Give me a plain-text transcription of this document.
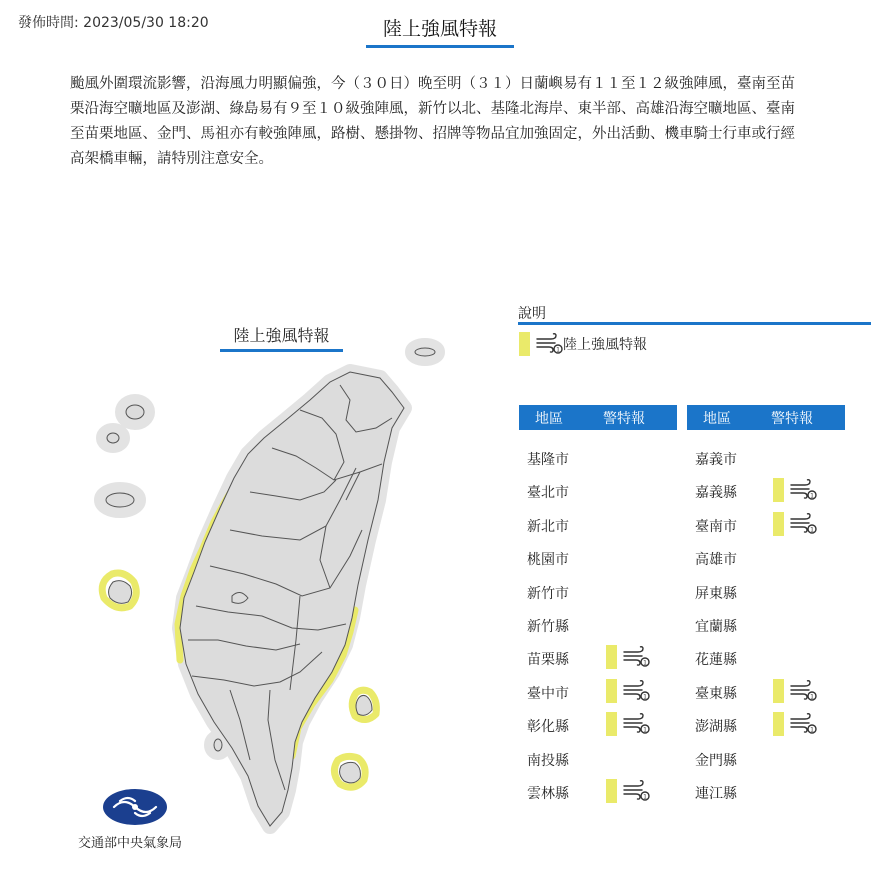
發佈時間: 2023/05/30 18:20	陸上強風特報
颱風外圍環流影響，沿海風力明顯偏強，今（３０日）晚至明（３１）日蘭嶼易有１１至１２級強陣風，臺南至苗栗沿海空曠地區及澎湖、綠島易有９至１０級強陣風，新竹以北、基隆北海岸、東半部、高雄沿海空曠地區、臺南至苗栗地區、金門、馬祖亦有較強陣風，路樹、懸掛物、招牌等物品宜加強固定，外出活動、機車騎士行車或行經高架橋車輛，請特別注意安全。
陸上強風特報
說明
1 陸上強風特報
地區	警特報	地區	警特報
基隆市
臺北市
新北市
桃園市
新竹市
新竹縣
苗栗縣	1
臺中市	1
彰化縣	1
南投縣
雲林縣	1
嘉義市
嘉義縣	1
臺南市	1
高雄市
屏東縣
宜蘭縣
花蓮縣
臺東縣	1
澎湖縣	1
金門縣
連江縣
交通部中央氣象局
